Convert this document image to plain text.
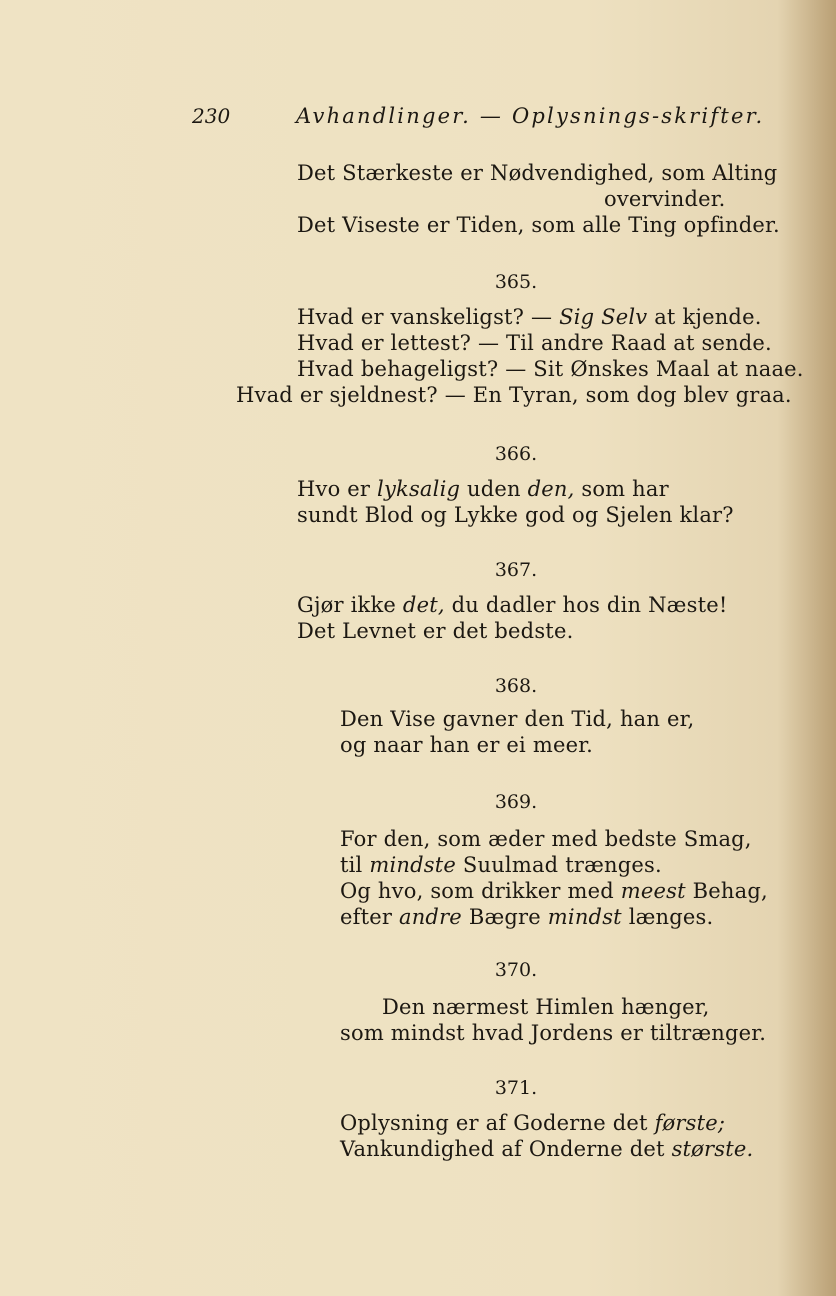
230	Avhandlinger. — Oplysnings-skrifter.
Det Stærkeste er Nødvendighed, som Alting
overvinder.
Det Viseste er Tiden, som alle Ting opfinder.
365.
Hvad er vanskeligst? — Sig Selv at kjende.
Hvad er lettest? — Til andre Raad at sende.
Hvad behageligst? — Sit Ønskes Maal at naae.
Hvad er sjeldnest? — En Tyran, som dog blev graa.
366.
Hvo er lyksalig uden den, som har
sundt Blod og Lykke god og Sjelen klar?
367.
Gjør ikke det, du dadler hos din Næste!
Det Levnet er det bedste.
368.
Den Vise gavner den Tid, han er,
og naar han er ei meer.
369.
For den, som æder med bedste Smag,
til mindste Suulmad trænges.
Og hvo, som drikker med meest Behag,
efter andre Bægre mindst længes.
370.
Den nærmest Himlen hænger,
som mindst hvad Jordens er tiltrænger.
371.
Oplysning er af Goderne det første;
Vankundighed af Onderne det største.
